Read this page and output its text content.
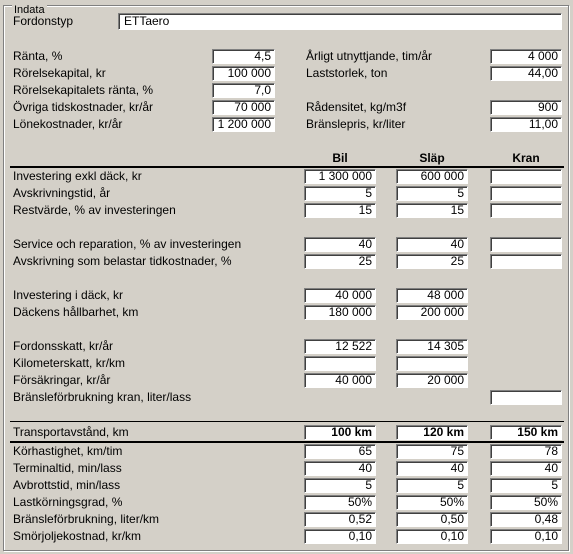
Indata
Fordonstyp	ETTaero
Ränta, %	4,5
Rörelsekapital, kr	100 000
Rörelsekapitalets ränta, %	7,0
Övriga tidskostnader, kr/år	70 000
Lönekostnader, kr/år	1 200 000
Årligt utnyttjande, tim/år	4 000
Laststorlek, ton	44,00
Rådensitet, kg/m3f	900
Bränslepris, kr/liter	11,00
Bil	Släp	Kran
Investering exkl däck, kr	1 300 000	600 000
Avskrivningstid, år	5	5
Restvärde, % av investeringen	15	15
Service och reparation, % av investeringen	40	40
Avskrivning som belastar tidkostnader, %	25	25
Investering i däck, kr	40 000	48 000
Däckens hållbarhet, km	180 000	200 000
Fordonsskatt, kr/år	12 522	14 305
Kilometerskatt, kr/km
Försäkringar, kr/år	40 000	20 000
Bränsleförbrukning kran, liter/lass
Transportavstånd, km	100 km	120 km	150 km
Körhastighet, km/tim	65	75	78
Terminaltid, min/lass	40	40	40
Avbrottstid, min/lass	5	5	5
Lastkörningsgrad, %	50%	50%	50%
Bränsleförbrukning, liter/km	0,52	0,50	0,48
Smörjoljekostnad, kr/km	0,10	0,10	0,10
